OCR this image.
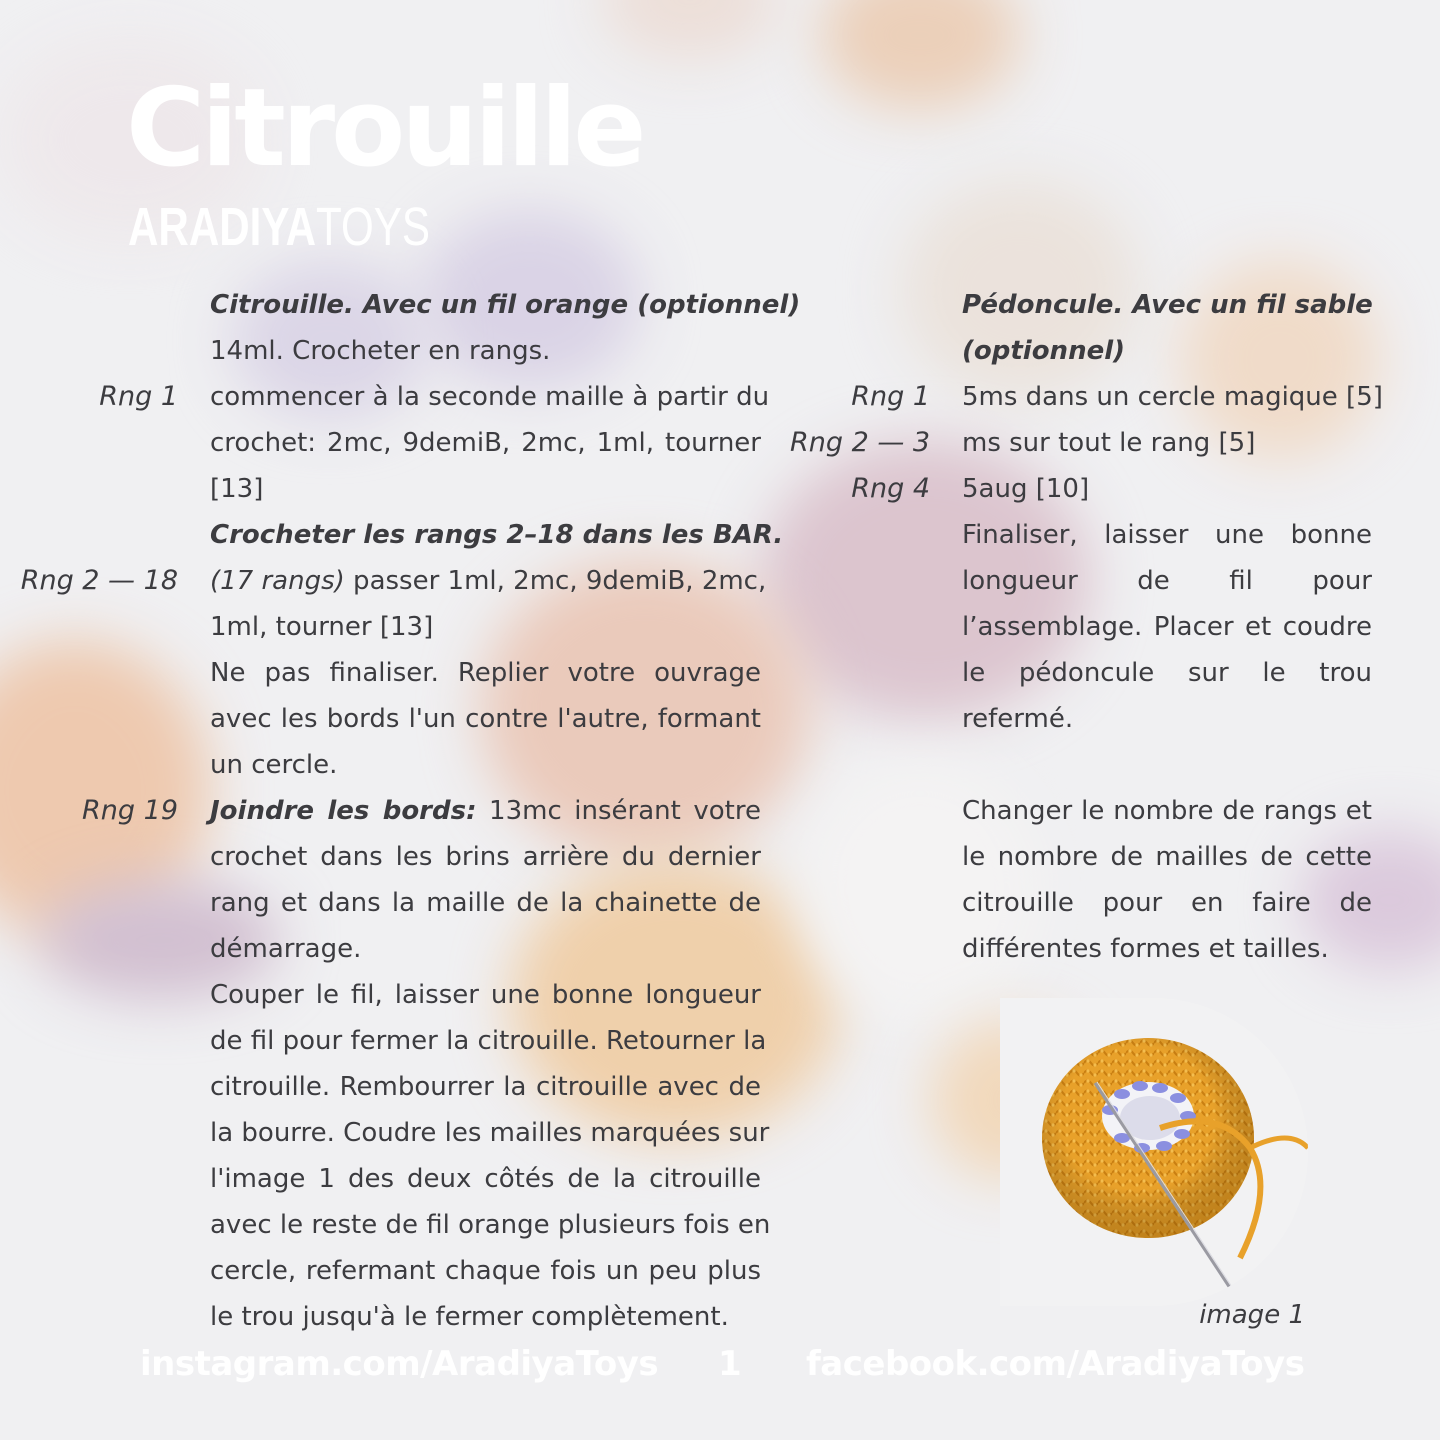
Citrouille
ARADIYATOYS
Citrouille. Avec un fil orange (optionnel)
14ml. Crocheter en rangs.
Rng 1 commencer à la seconde maille à partir du
crochet: 2mc, 9demiB, 2mc, 1ml, tourner
[13]
Crocheter les rangs 2–18 dans les BAR.
Rng 2 — 18 (17 rangs) passer 1ml, 2mc, 9demiB, 2mc,
1ml, tourner [13]
Ne pas finaliser. Replier votre ouvrage
avec les bords l'un contre l'autre, formant
un cercle.
Rng 19 Joindre les bords: 13mc insérant votre
crochet dans les brins arrière du dernier
rang et dans la maille de la chainette de
démarrage.
Couper le fil, laisser une bonne longueur
de fil pour fermer la citrouille. Retourner la
citrouille. Rembourrer la citrouille avec de
la bourre. Coudre les mailles marquées sur
l'image 1 des deux côtés de la citrouille
avec le reste de fil orange plusieurs fois en
cercle, refermant chaque fois un peu plus
le trou jusqu'à le fermer complètement.
Pédoncule. Avec un fil sable
(optionnel)
Rng 1 5ms dans un cercle magique [5]
Rng 2 — 3 ms sur tout le rang [5]
Rng 4 5aug [10]
Finaliser, laisser une bonne
longueur de fil pour
l’assemblage. Placer et coudre
le pédoncule sur le trou
refermé.
Changer le nombre de rangs et
le nombre de mailles de cette
citrouille pour en faire de
différentes formes et tailles.
image 1
instagram.com/AradiyaToys 1 facebook.com/AradiyaToys
